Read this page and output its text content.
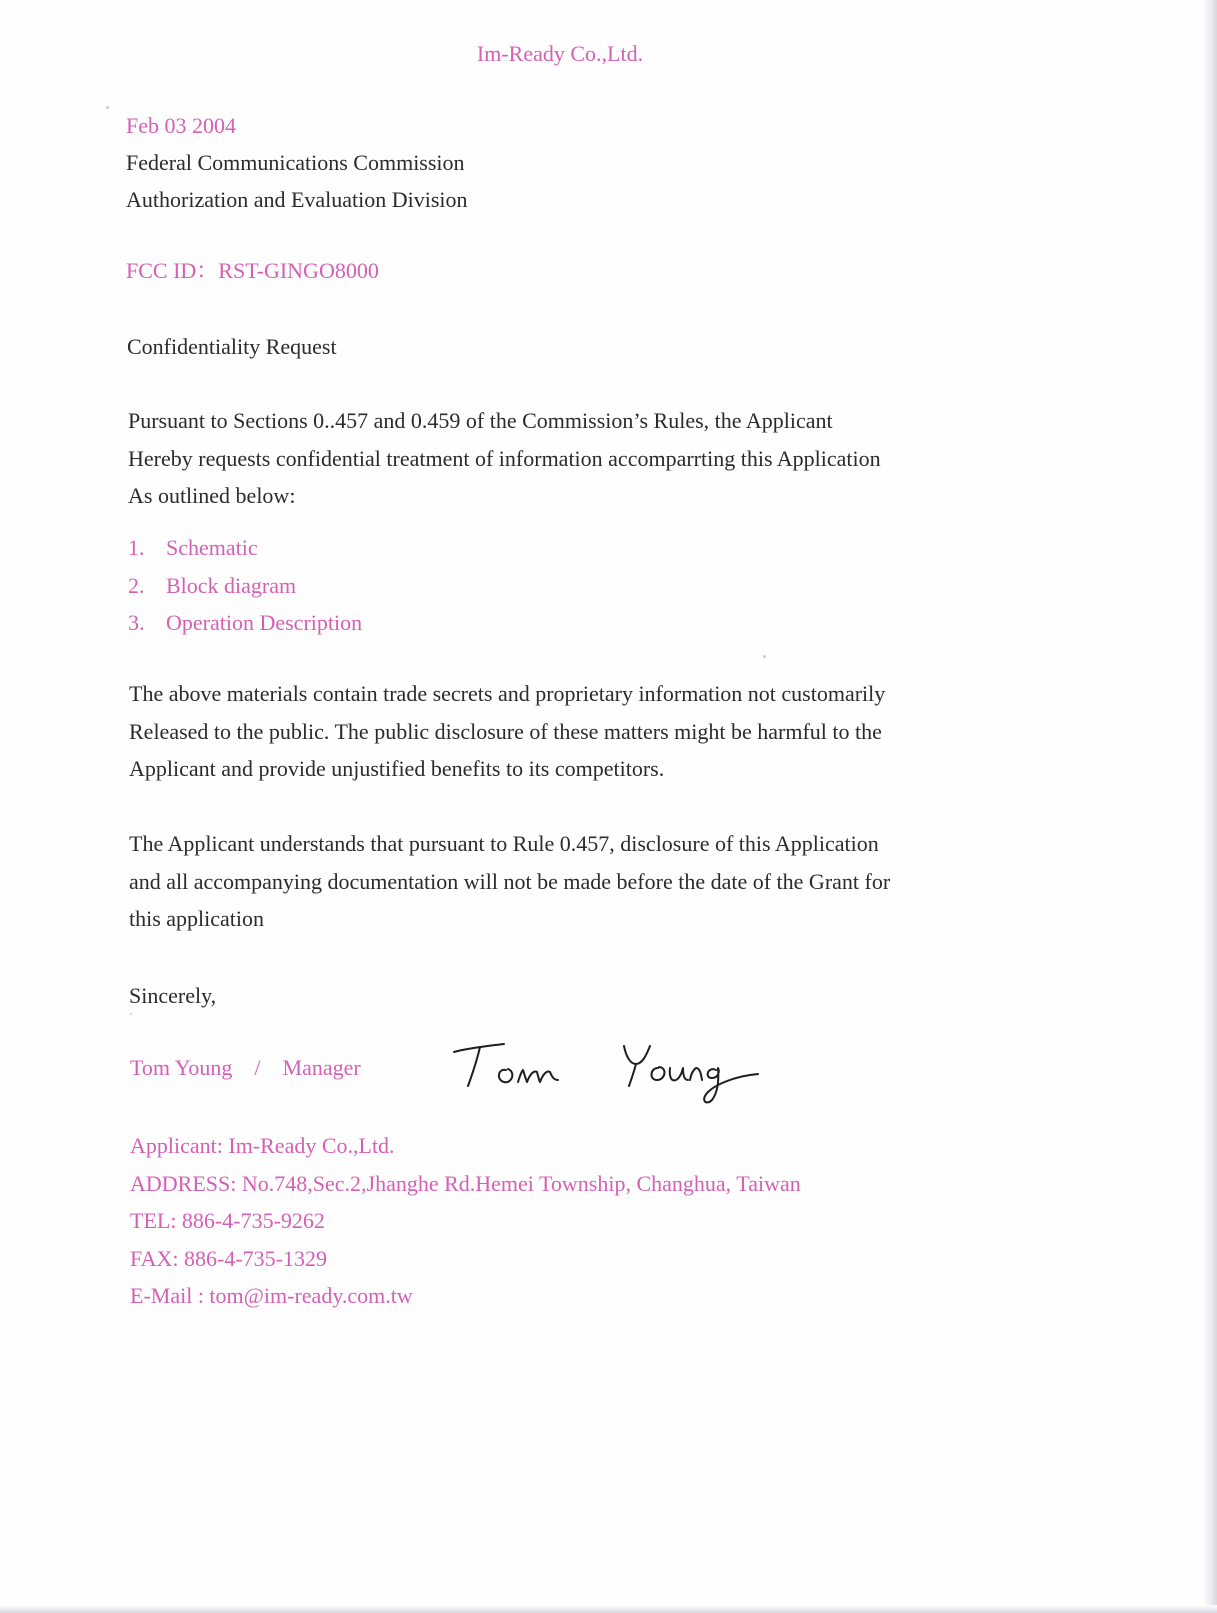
Im-Ready Co.,Ltd.
Feb 03 2004
Federal Communications Commission
Authorization and Evaluation Division
FCC ID：RST-GINGO8000
Confidentiality Request
Pursuant to Sections 0..457 and 0.459 of the Commission’s Rules, the Applicant
Hereby requests confidential treatment of information accomparrting this Application
As outlined below:
1. Schematic
2. Block diagram
3. Operation Description
The above materials contain trade secrets and proprietary information not customarily
Released to the public. The public disclosure of these matters might be harmful to the
Applicant and provide unjustified benefits to its competitors.
The Applicant understands that pursuant to Rule 0.457, disclosure of this Application
and all accompanying documentation will not be made before the date of the Grant for
this application
Sincerely,
Tom Young / Manager
Applicant: Im-Ready Co.,Ltd.
ADDRESS: No.748,Sec.2,Jhanghe Rd.Hemei Township, Changhua, Taiwan
TEL: 886-4-735-9262
FAX: 886-4-735-1329
E-Mail : tom@im-ready.com.tw
